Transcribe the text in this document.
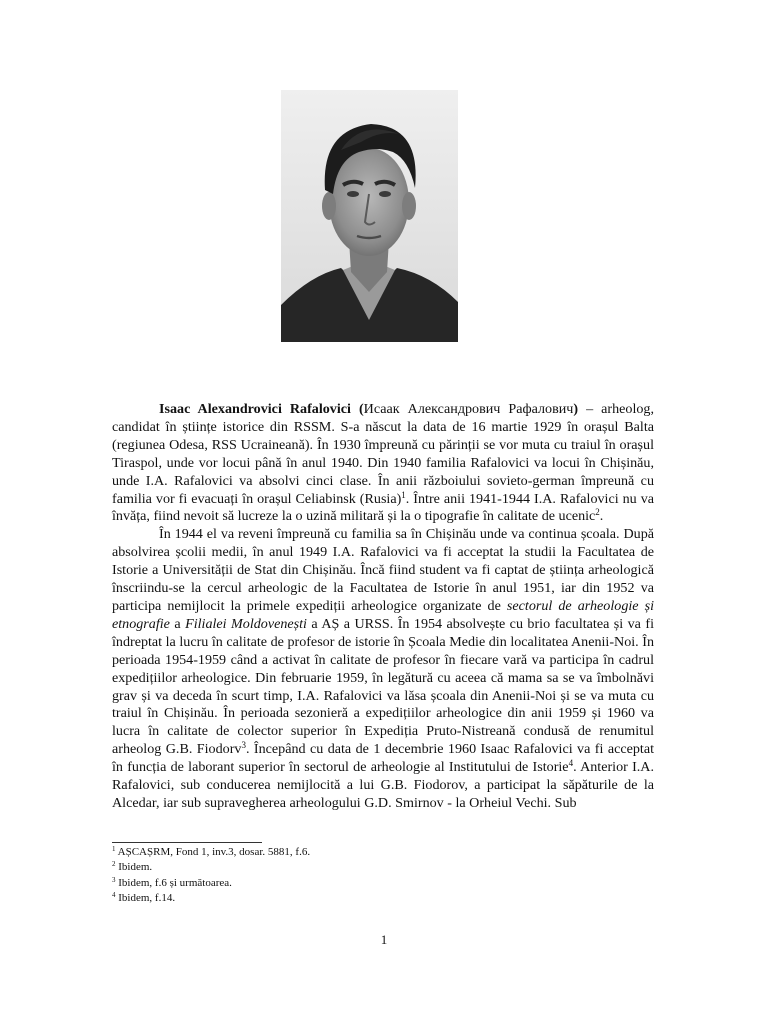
Isaac Alexandrovici Rafalovici (Исаак Александрович Рафалович) – arheolog, candidat în științe istorice din RSSM. S-a născut la data de 16 martie 1929 în orașul Balta (regiunea Odesa, RSS Ucraineană). În 1930 împreună cu părinții se vor muta cu traiul în orașul Tiraspol, unde vor locui până în anul 1940. Din 1940 familia Rafalovici va locui în Chișinău, unde I.A. Rafalovici va absolvi cinci clase. În anii războiului sovieto-german împreună cu familia vor fi evacuați în orașul Celiabinsk (Rusia)$^1$. Între anii 1941-1944 I.A. Rafalovici nu va învăța, fiind nevoit să lucreze la o uzină militară și la o tipografie în calitate de ucenic$^2$.

În 1944 el va reveni împreună cu familia sa în Chișinău unde va continua școala. După absolvirea școlii medii, în anul 1949 I.A. Rafalovici va fi acceptat la studii la Facultatea de Istorie a Universității de Stat din Chișinău. Încă fiind student va fi captat de știința arheologică înscriindu-se la cercul arheologic de la Facultatea de Istorie în anul 1951, iar din 1952 va participa nemijlocit la primele expediții arheologice organizate de sectorul de arheologie și etnografie a Filialei Moldovenești a AȘ a URSS. În 1954 absolvește cu brio facultatea și va fi îndreptat la lucru în calitate de profesor de istorie în Școala Medie din localitatea Anenii-Noi. În perioada 1954-1959 când a activat în calitate de profesor în fiecare vară va participa în cadrul expedițiilor arheologice. Din februarie 1959, în legătură cu aceea că mama sa se va îmbolnăvi grav și va deceda în scurt timp, I.A. Rafalovici va lăsa școala din Anenii-Noi și se va muta cu traiul în Chișinău. În perioada sezonieră a expedițiilor arheologice din anii 1959 și 1960 va lucra în calitate de colector superior în Expediția Pruto-Nistreană condusă de renumitul arheolog G.B. Fiodorv$^3$. Începând cu data de 1 decembrie 1960 Isaac Rafalovici va fi acceptat în funcția de laborant superior în sectorul de arheologie al Institutului de Istorie$^4$. Anterior I.A. Rafalovici, sub conducerea nemijlocită a lui G.B. Fiodorov, a participat la săpăturile de la Alcedar, iar sub supravegherea arheologului G.D. Smirnov - la Orheiul Vechi. Sub

$^1$ AȘCAȘRM, Fond 1, inv.3, dosar. 5881, f.6.
$^2$ Ibidem.
$^3$ Ibidem, f.6 și următoarea.
$^4$ Ibidem, f.14.
1
